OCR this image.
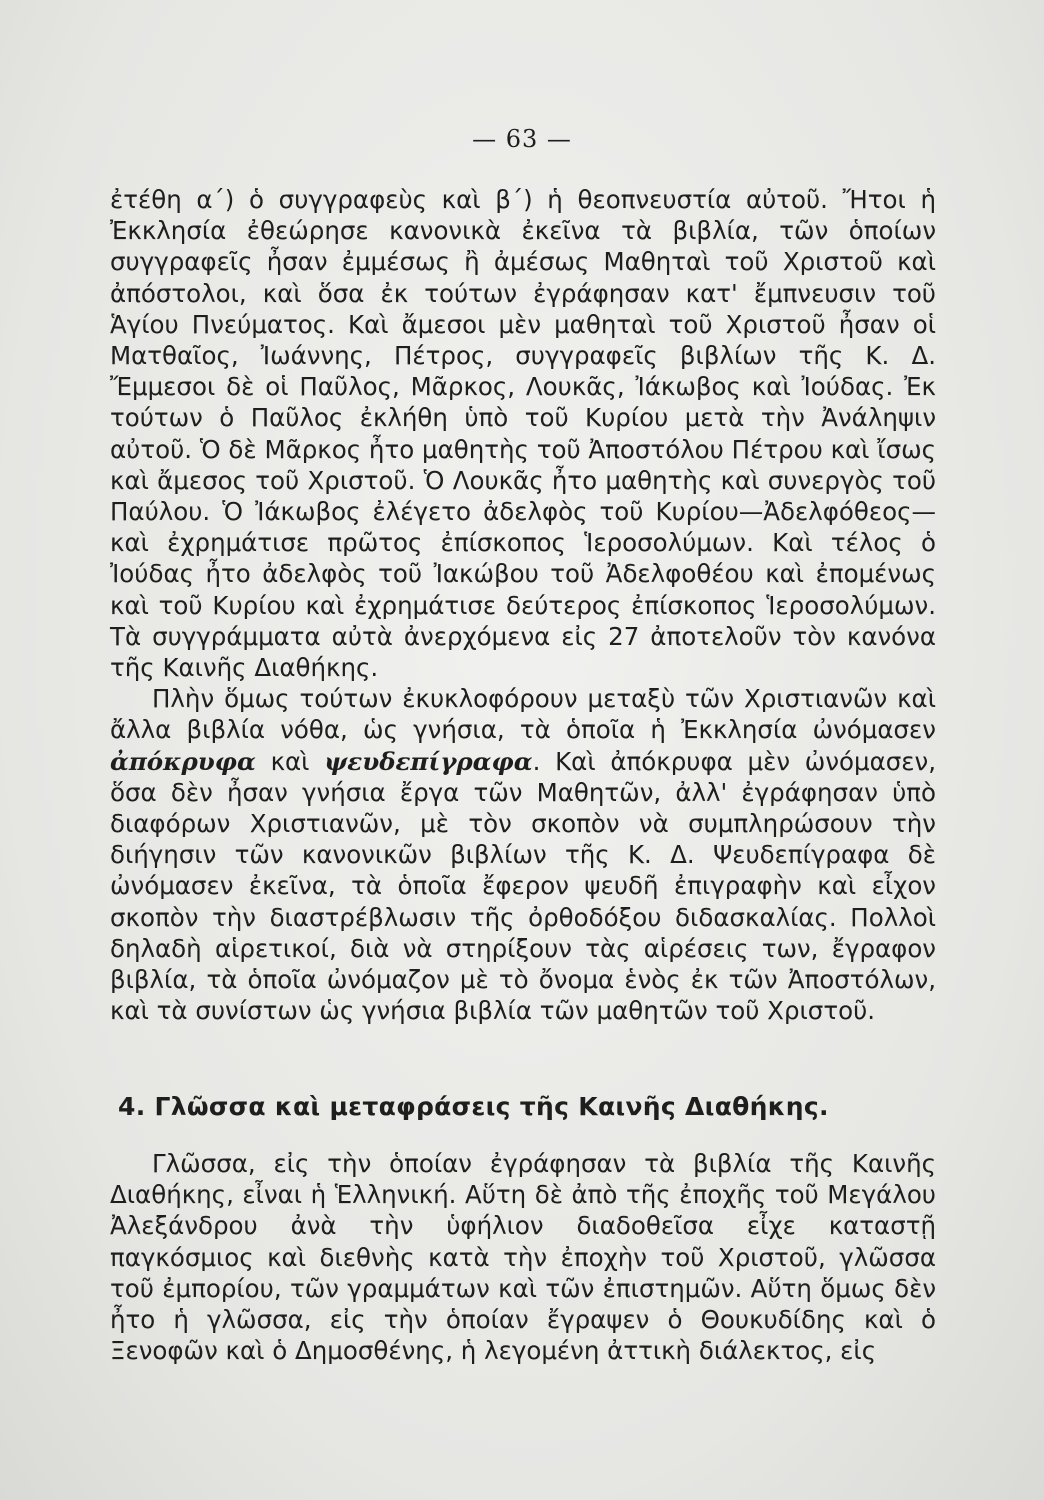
— 63 —

ἐτέθη α΄) ὁ συγγραφεὺς καὶ β΄) ἡ θεοπνευστία αὐτοῦ. Ἤτοι ἡ Ἐκκλησία ἐθεώρησε κανονικὰ ἐκεῖνα τὰ βιβλία, τῶν ὁποίων συγγραφεῖς ἦσαν ἐμμέσως ἢ ἀμέσως Μαθηταὶ τοῦ Χριστοῦ καὶ ἀπόστολοι, καὶ ὅσα ἐκ τούτων ἐγράφησαν κατ' ἔμπνευσιν τοῦ Ἁγίου Πνεύματος. Καὶ ἄμεσοι μὲν μαθηταὶ τοῦ Χριστοῦ ἦσαν οἱ Ματθαῖος, Ἰωάννης, Πέτρος, συγγραφεῖς βιβλίων τῆς Κ. Δ. Ἔμμεσοι δὲ οἱ Παῦλος, Μᾶρκος, Λουκᾶς, Ἰάκωβος καὶ Ἰούδας. Ἐκ τούτων ὁ Παῦλος ἐκλήθη ὑπὸ τοῦ Κυρίου μετὰ τὴν Ἀνάληψιν αὐτοῦ. Ὁ δὲ Μᾶρκος ἦτο μαθητὴς τοῦ Ἀποστόλου Πέτρου καὶ ἴσως καὶ ἄμεσος τοῦ Χριστοῦ. Ὁ Λουκᾶς ἦτο μαθητὴς καὶ συνεργὸς τοῦ Παύλου. Ὁ Ἰάκωβος ἐλέγετο ἀδελφὸς τοῦ Κυρίου—Ἀδελφόθεος—καὶ ἐχρημάτισε πρῶτος ἐπίσκοπος Ἱεροσολύμων. Καὶ τέλος ὁ Ἰούδας ἦτο ἀδελφὸς τοῦ Ἰακώβου τοῦ Ἀδελφοθέου καὶ ἐπομένως καὶ τοῦ Κυρίου καὶ ἐχρημάτισε δεύτερος ἐπίσκοπος Ἱεροσολύμων. Τὰ συγγράμματα αὐτὰ ἀνερχόμενα εἰς 27 ἀποτελοῦν τὸν κανόνα τῆς Καινῆς Διαθήκης.

Πλὴν ὅμως τούτων ἐκυκλοφόρουν μεταξὺ τῶν Χριστιανῶν καὶ ἄλλα βιβλία νόθα, ὡς γνήσια, τὰ ὁποῖα ἡ Ἐκκλησία ὠνόμασεν ἀπόκρυφα καὶ ψευδεπίγραφα. Καὶ ἀπόκρυφα μὲν ὠνόμασεν, ὅσα δὲν ἦσαν γνήσια ἔργα τῶν Μαθητῶν, ἀλλ' ἐγράφησαν ὑπὸ διαφόρων Χριστιανῶν, μὲ τὸν σκοπὸν νὰ συμπληρώσουν τὴν διήγησιν τῶν κανονικῶν βιβλίων τῆς Κ. Δ. Ψευδεπίγραφα δὲ ὠνόμασεν ἐκεῖνα, τὰ ὁποῖα ἔφερον ψευδῆ ἐπιγραφὴν καὶ εἶχον σκοπὸν τὴν διαστρέβλωσιν τῆς ὀρθοδόξου διδασκαλίας. Πολλοὶ δηλαδὴ αἱρετικοί, διὰ νὰ στηρίξουν τὰς αἱρέσεις των, ἔγραφον βιβλία, τὰ ὁποῖα ὠνόμαζον μὲ τὸ ὄνομα ἑνὸς ἐκ τῶν Ἀποστόλων, καὶ τὰ συνίστων ὡς γνήσια βιβλία τῶν μαθητῶν τοῦ Χριστοῦ.

4. Γλῶσσα καὶ μεταφράσεις τῆς Καινῆς Διαθήκης.

Γλῶσσα, εἰς τὴν ὁποίαν ἐγράφησαν τὰ βιβλία τῆς Καινῆς Διαθήκης, εἶναι ἡ Ἑλληνική. Αὕτη δὲ ἀπὸ τῆς ἐποχῆς τοῦ Μεγάλου Ἀλεξάνδρου ἀνὰ τὴν ὑφήλιον διαδοθεῖσα εἶχε καταστῇ παγκόσμιος καὶ διεθνὴς κατὰ τὴν ἐποχὴν τοῦ Χριστοῦ, γλῶσσα τοῦ ἐμπορίου, τῶν γραμμάτων καὶ τῶν ἐπιστημῶν. Αὕτη ὅμως δὲν ἦτο ἡ γλῶσσα, εἰς τὴν ὁποίαν ἔγραψεν ὁ Θουκυδίδης καὶ ὁ Ξενοφῶν καὶ ὁ Δημοσθένης, ἡ λεγομένη ἀττικὴ διάλεκτος, εἰς
